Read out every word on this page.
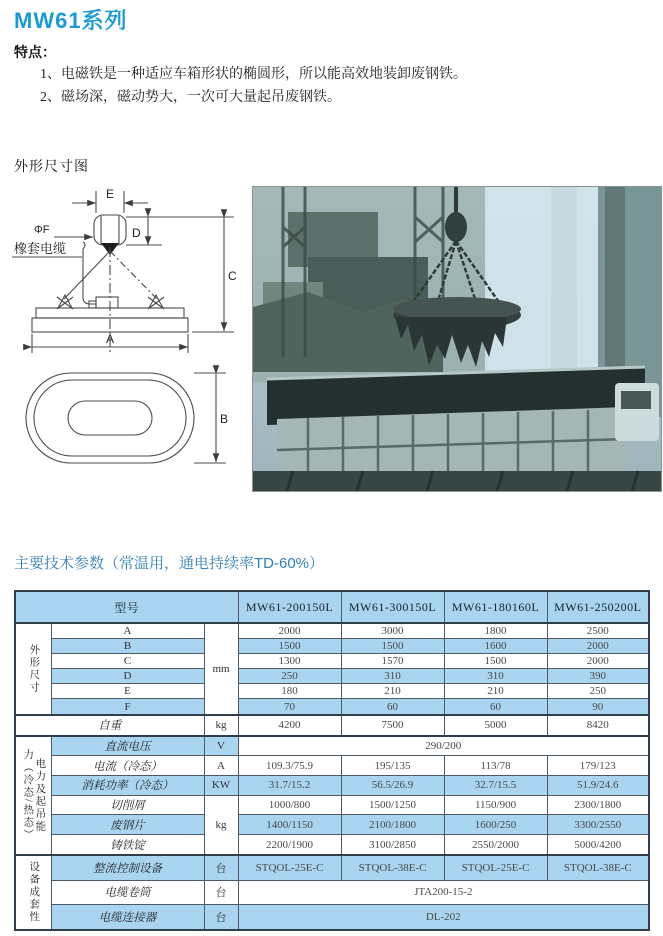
MW61系列
特点：
1、电磁铁是一种适应车箱形状的椭圆形，所以能高效地装卸废钢铁。
2、磁场深，磁动势大，一次可大量起吊废钢铁。
外形尺寸图
E
ΦF	D
C
A
B
橡套电缆
主要技术参数（常温用，通电持续率TD-60%）
型号			MW61-200150L	MW61-300150L	MW61-180160L	MW61-250200L

外形尺寸	A	mm	2000	3000	1800	2500
	B		1500	1500	1600	2000
	C		1300	1570	1500	2000
	D		250	310	310	390
	E		180	210	210	250
	F		70	60	60	90
自重		kg	4200	7500	5000	8420

电力及起吊能
力（冷态/热态）	直流电压	V	290/200			
	电流（冷态）	A	109.3/75.9	195/135	113/78	179/123
	消耗功率（冷态）	KW	31.7/15.2	56.5/26.9	32.7/15.5	51.9/24.6
	切削屑	kg	1000/800	1500/1250	1150/900	2300/1800
	废钢片		1400/1150	2100/1800	1600/250	3300/2550
	铸铁锭		2200/1900	3100/2850	2550/2000	5000/4200

设备成套性	整流控制设备	台	STQOL-25E-C	STQOL-38E-C	STQOL-25E-C	STQOL-38E-C
	电缆卷筒	台	JTA200-15-2			
	电缆连接器	台	DL-202			
